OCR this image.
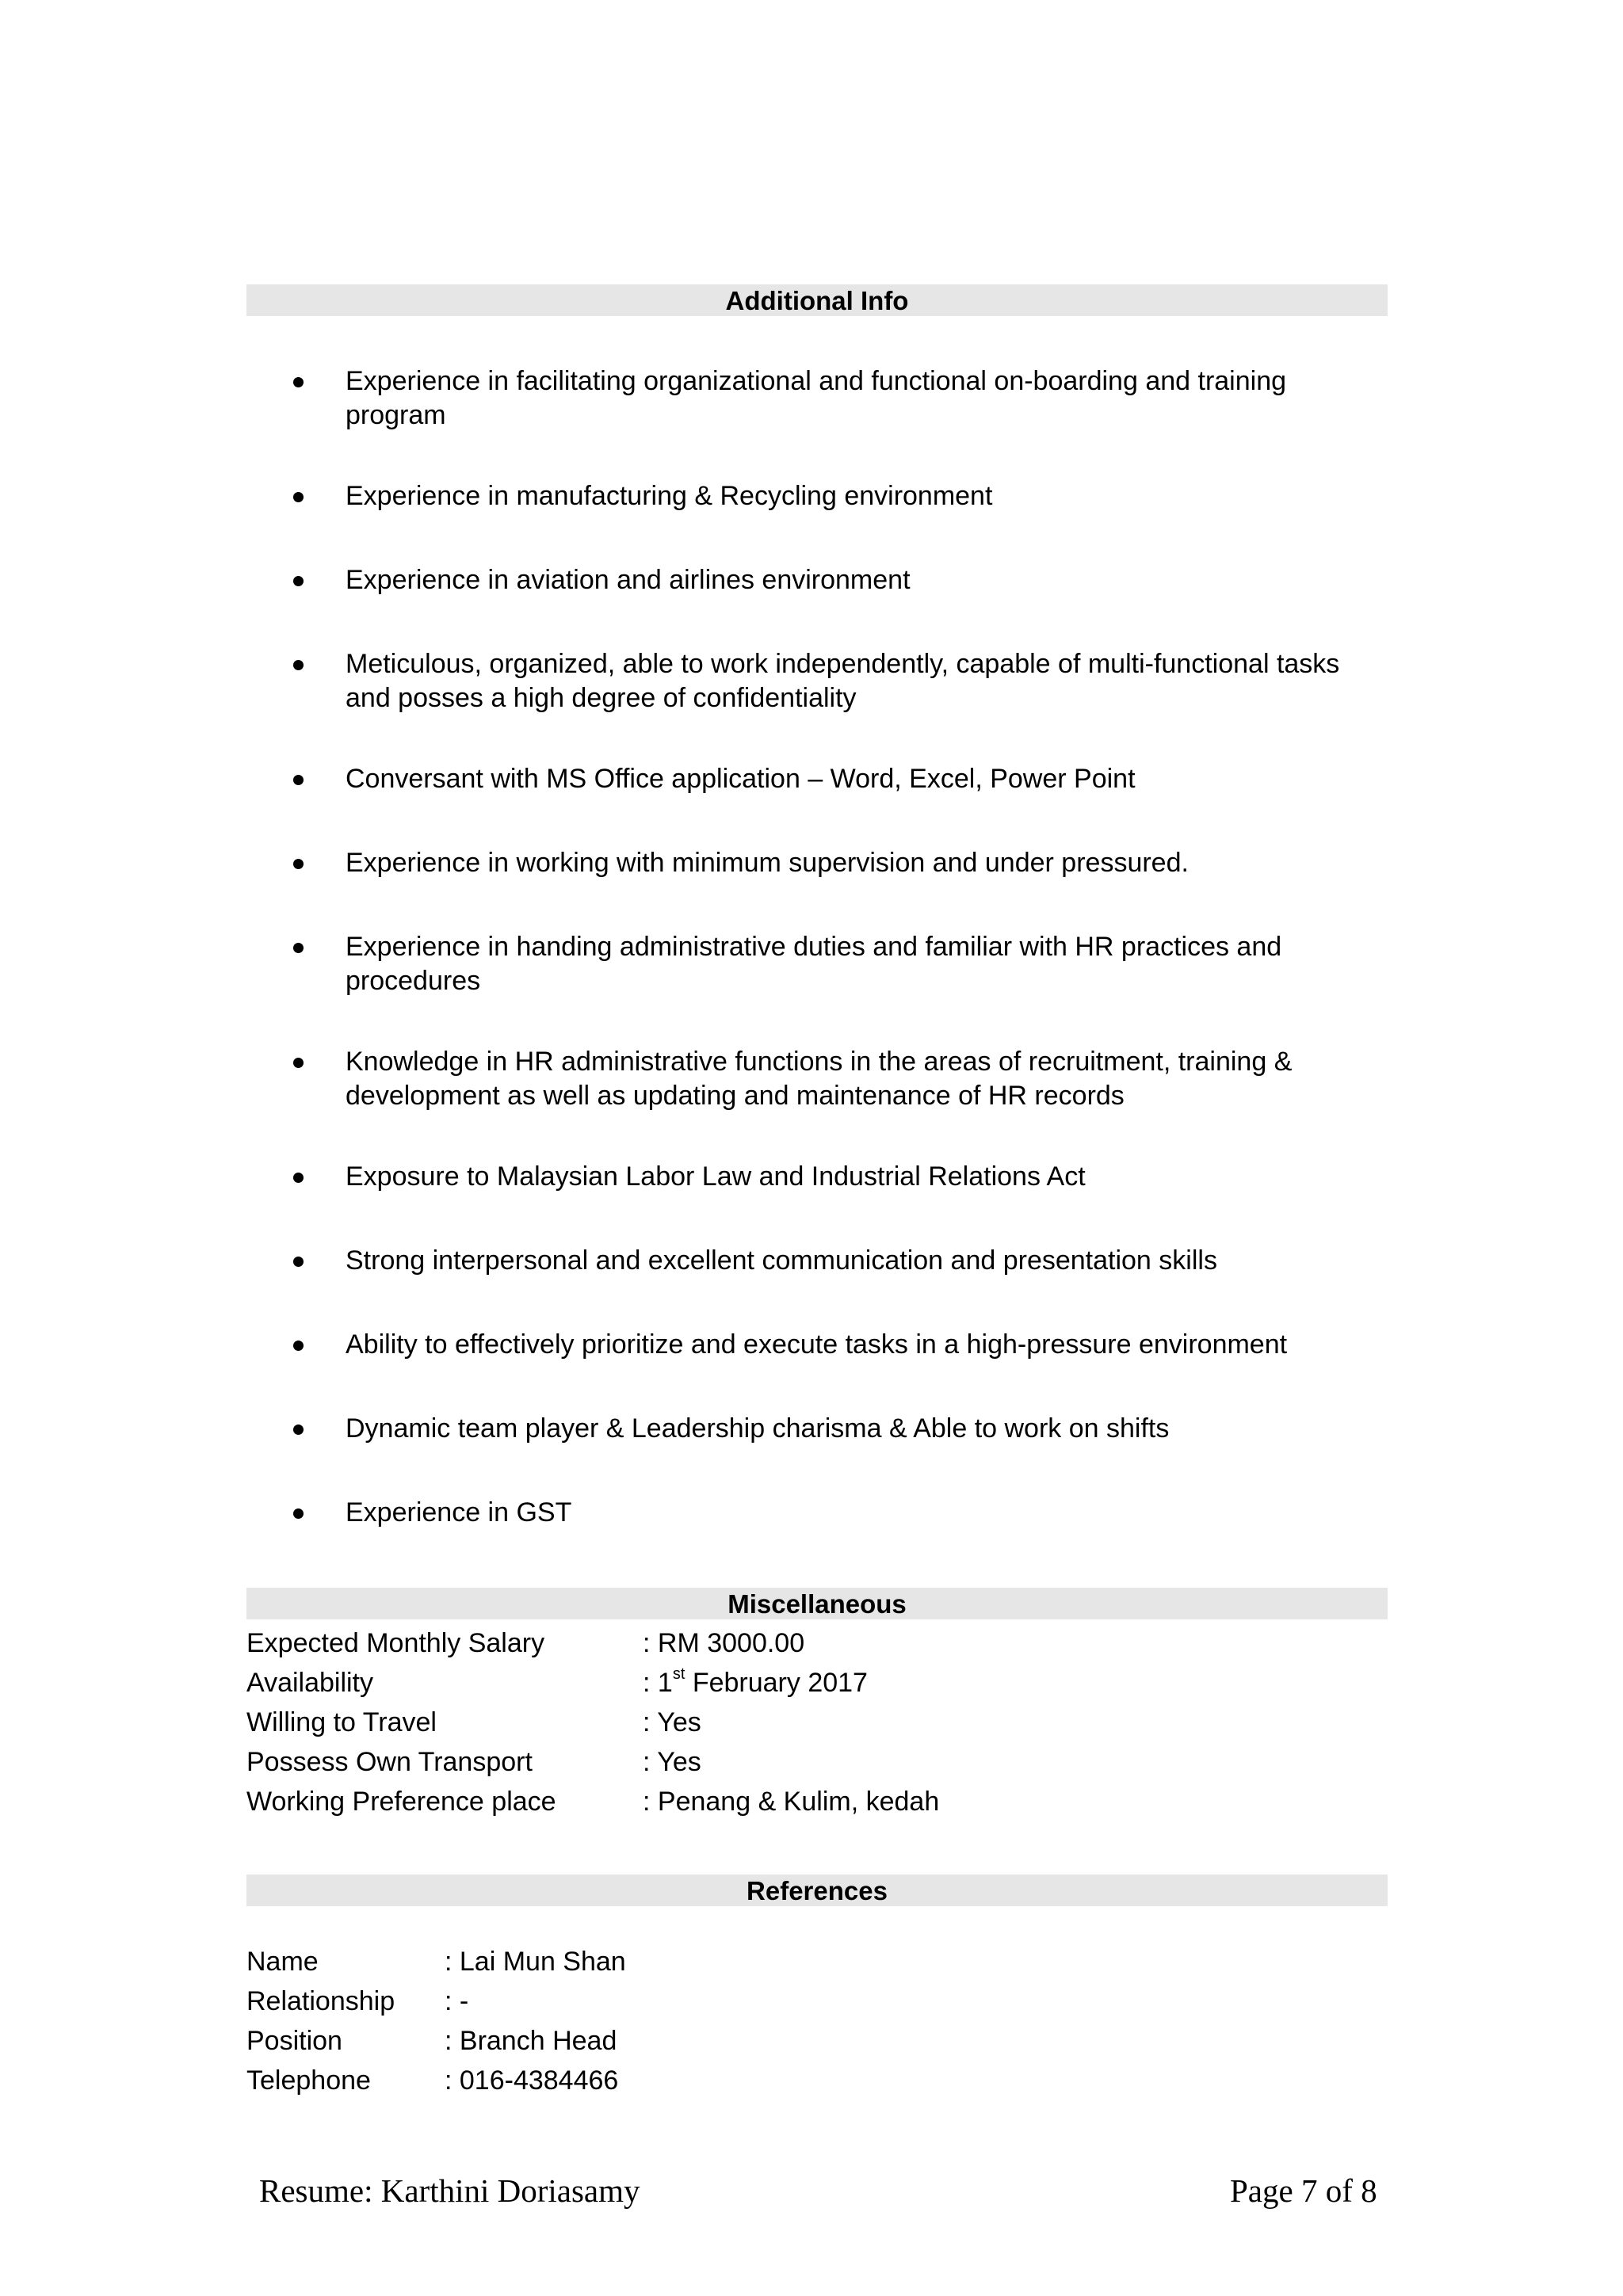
Additional Info
Experience in facilitating organizational and functional on-boarding and training program
Experience in manufacturing & Recycling environment
Experience in aviation and airlines environment
Meticulous, organized, able to work independently, capable of multi-functional tasks and posses a high degree of confidentiality
Conversant with MS Office application – Word, Excel, Power Point
Experience in working with minimum supervision and under pressured.
Experience in handing administrative duties and familiar with HR practices and procedures
Knowledge in HR administrative functions in the areas of recruitment, training & development as well as updating and maintenance of HR records
Exposure to Malaysian Labor Law and Industrial Relations Act
Strong interpersonal and excellent communication and presentation skills
Ability to effectively prioritize and execute tasks in a high-pressure environment
Dynamic team player & Leadership charisma & Able to work on shifts
Experience in GST
Miscellaneous
Expected Monthly Salary	: RM 3000.00
Availability	: 1st February 2017
Willing to Travel	: Yes
Possess Own Transport	: Yes
Working Preference place	: Penang & Kulim, kedah
References
Name	: Lai Mun Shan
Relationship : -
Position	: Branch Head
Telephone	: 016-4384466
Resume: Karthini Doriasamy	Page 7 of 8
